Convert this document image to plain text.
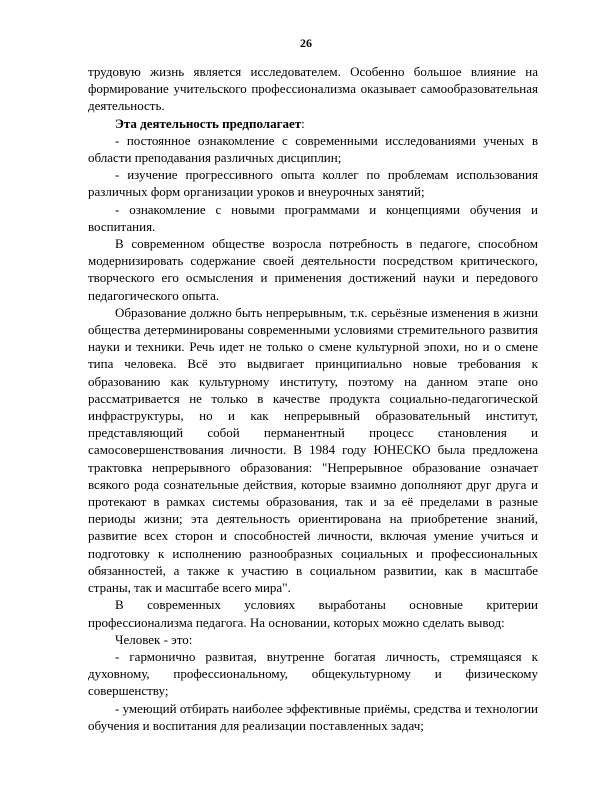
26

трудовую жизнь является исследователем. Особенно большое влияние на формирование учительского профессионализма оказывает самообразовательная деятельность.

Эта деятельность предполагает:

- постоянное ознакомление с современными исследованиями ученых в области преподавания различных дисциплин;

- изучение прогрессивного опыта коллег по проблемам использования различных форм организации уроков и внеурочных занятий;

- ознакомление с новыми программами и концепциями обучения и воспитания.

В современном обществе возросла потребность в педагоге, способном модернизировать содержание своей деятельности посредством критического, творческого его осмысления и применения достижений науки и передового педагогического опыта.

Образование должно быть непрерывным, т.к. серьёзные изменения в жизни общества детерминированы современными условиями стремительного развития науки и техники. Речь идет не только о смене культурной эпохи, но и о смене типа человека. Всё это выдвигает принципиально новые требования к образованию как культурному институту, поэтому на данном этапе оно рассматривается не только в качестве продукта социально-педагогической инфраструктуры, но и как непрерывный образовательный институт, представляющий собой перманентный процесс становления и самосовершенствования личности. В 1984 году ЮНЕСКО была предложена трактовка непрерывного образования: "Непрерывное образование означает всякого рода сознательные действия, которые взаимно дополняют друг друга и протекают в рамках системы образования, так и за её пределами в разные периоды жизни; эта деятельность ориентирована на приобретение знаний, развитие всех сторон и способностей личности, включая умение учиться и подготовку к исполнению разнообразных социальных и профессиональных обязанностей, а также к участию в социальном развитии, как в масштабе страны, так и масштабе всего мира".

В современных условиях выработаны основные критерии профессионализма педагога. На основании, которых можно сделать вывод:

Человек - это:

- гармонично развитая, внутренне богатая личность, стремящаяся к духовному, профессиональному, общекультурному и физическому совершенству;

- умеющий отбирать наиболее эффективные приёмы, средства и технологии обучения и воспитания для реализации поставленных задач;
